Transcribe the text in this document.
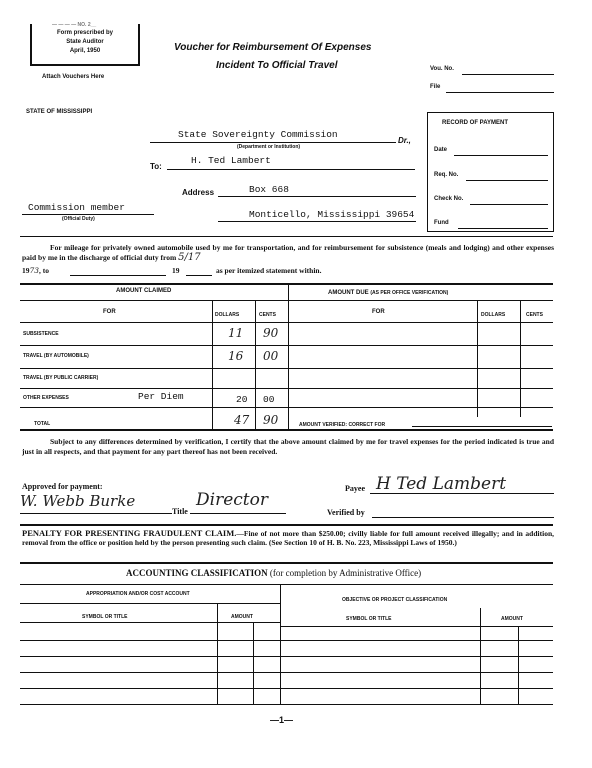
— — — — NO. 2__
Form prescribed by
State Auditor
April, 1950
Attach Vouchers Here
Voucher for Reimbursement Of Expenses
Incident To Official Travel	Vou. No.
File
STATE OF MISSISSIPPI
RECORD OF PAYMENT
Date
Req. No.
Check No.
Fund
State Sovereignty Commission
Dr.,
(Department or Institution)
To:
H. Ted Lambert
Address	Box 668
Monticello, Mississippi 39654
Commission member
(Official Duty)
For mileage for privately owned automobile used by me for transportation, and for reimbursement for subsistence (meals and lodging) and other expenses paid by me in the discharge of official duty from 5/17
1973, to	19	as per itemized statement within.
AMOUNT CLAIMED	AMOUNT DUE (AS PER OFFICE VERIFICATION)
FOR	DOLLARS	CENTS	FOR	DOLLARS	CENTS
SUBSISTENCE	11 90
TRAVEL (BY AUTOMOBILE)	16 00
TRAVEL (BY PUBLIC CARRIER)
OTHER EXPENSES	Per Diem	20 00
TOTAL	47 90	AMOUNT VERIFIED: CORRECT FOR
Subject to any differences determined by verification, I certify that the above amount claimed by me for travel expenses for the period indicated is true and just in all respects, and that payment for any part thereof has not been received.
Approved for payment:
W. Webb Burke
Title
Director
Payee H Ted Lambert
Verified by
PENALTY FOR PRESENTING FRAUDULENT CLAIM.—Fine of not more than $250.00; civilly liable for full amount received illegally; and in addition, removal from the office or position held by the person presenting such claim. (See Section 10 of H. B. No. 223, Mississippi Laws of 1950.)
ACCOUNTING CLASSIFICATION (for completion by Administrative Office)
APPROPRIATION AND/OR COST ACCOUNT
OBJECTIVE OR PROJECT CLASSIFICATION
SYMBOL OR TITLE	AMOUNT	SYMBOL OR TITLE	AMOUNT
—1—
